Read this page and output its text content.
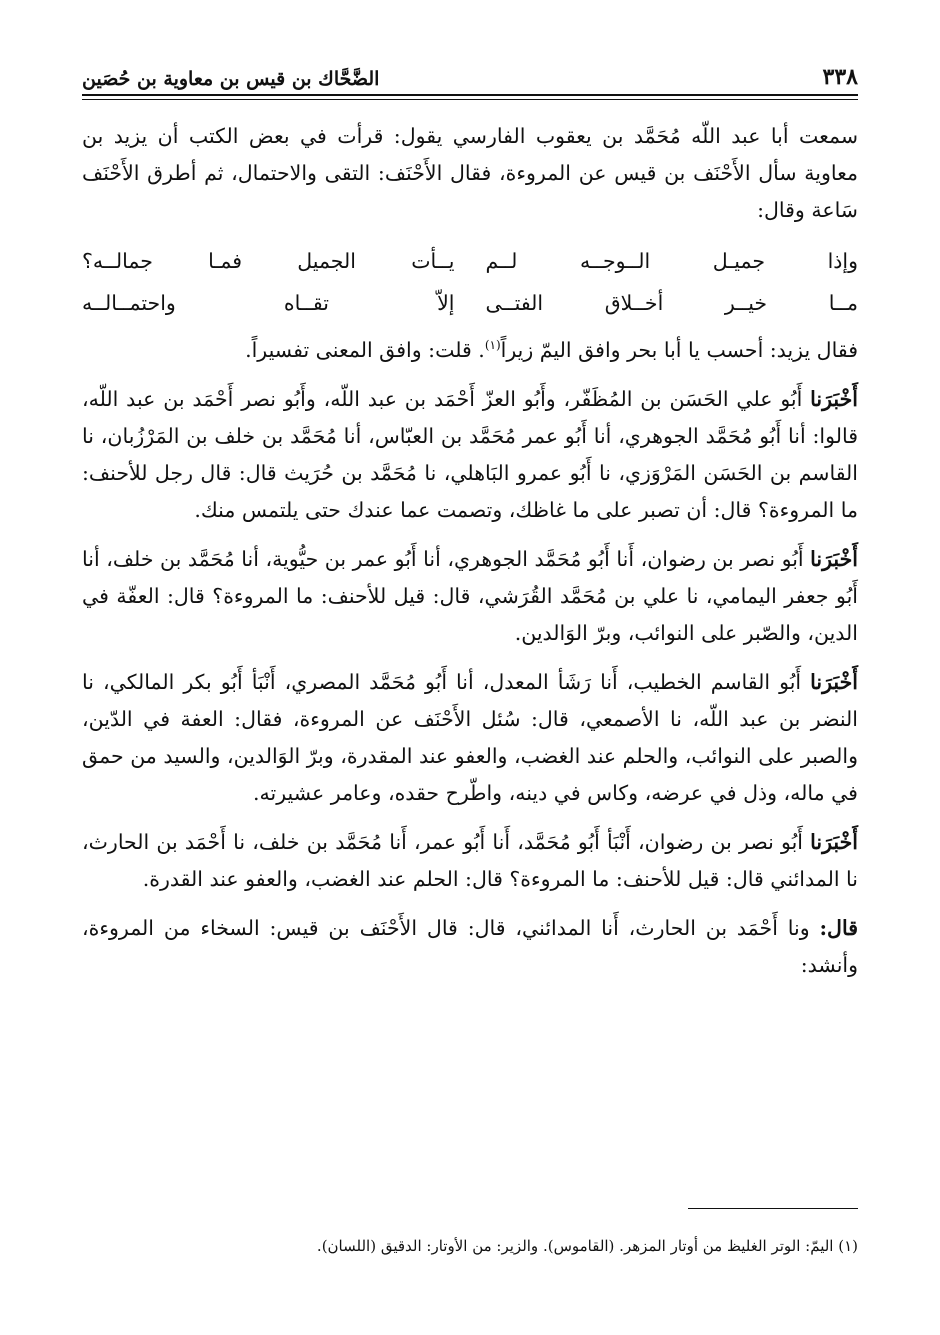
٣٣٨
الضَّحَّاك بن قيس بن معاوية بن حُصَين

سمعت أبا عبد اللّه مُحَمَّد بن يعقوب الفارسي يقول: قرأت في بعض الكتب أن يزيد بن معاوية سأل الأَحْنَف بن قيس عن المروءة، فقال الأَحْنَف: التقى والاحتمال، ثم أطرق الأَحْنَف سَاعة وقال:

وإذا جميـل الــوجــه لــم
يــأت الجميل فمـا جمالــه؟
مــا خيــر أخــلاق الفتــى
إلاّ تقــاه واحتمــالــه

فقال يزيد: أحسب يا أبا بحر وافق اليمّ زيراً$^{(١)}$. قلت: وافق المعنى تفسيراً.

أَخْبَرَنا أَبُو علي الحَسَن بن المُظَفّر، وأَبُو العزّ أَحْمَد بن عبد اللّه، وأَبُو نصر أَحْمَد بن عبد اللّه، قالوا: أنا أَبُو مُحَمَّد الجوهري، أنا أَبُو عمر مُحَمَّد بن العبّاس، أنا مُحَمَّد بن خلف بن المَرْزُبان، نا القاسم بن الحَسَن المَرْوَزي، نا أَبُو عمرو البَاهلي، نا مُحَمَّد بن حُرَيث قال: قال رجل للأحنف: ما المروءة؟ قال: أن تصبر على ما غاظك، وتصمت عما عندك حتى يلتمس منك.

أَخْبَرَنا أَبُو نصر بن رضوان، أَنا أَبُو مُحَمَّد الجوهري، أنا أَبُو عمر بن حيُّوية، أنا مُحَمَّد بن خلف، أنا أَبُو جعفر اليمامي، نا علي بن مُحَمَّد القُرَشي، قال: قيل للأحنف: ما المروءة؟ قال: العفّة في الدين، والصّبر على النوائب، وبرّ الوَالدين.

أَخْبَرَنا أَبُو القاسم الخطيب، أَنا رَشَأ المعدل، أنا أَبُو مُحَمَّد المصري، أَنْبَأ أَبُو بكر المالكي، نا النضر بن عبد اللّه، نا الأصمعي، قال: سُئل الأَحْنَف عن المروءة، فقال: العفة في الدّين، والصبر على النوائب، والحلم عند الغضب، والعفو عند المقدرة، وبرّ الوَالدين، والسيد من حمق في ماله، وذل في عرضه، وكاس في دينه، واطّرح حقده، وعامر عشيرته.

أَخْبَرَنا أَبُو نصر بن رضوان، أَنْبَأ أَبُو مُحَمَّد، أَنا أَبُو عمر، أَنا مُحَمَّد بن خلف، نا أَحْمَد بن الحارث، نا المدائني قال: قيل للأحنف: ما المروءة؟ قال: الحلم عند الغضب، والعفو عند القدرة.

قال: ونا أَحْمَد بن الحارث، أَنا المدائني، قال: قال الأَحْنَف بن قيس: السخاء من المروءة، وأنشد:

(١) اليمّ: الوتر الغليظ من أوتار المزهر. (القاموس). والزير: من الأوتار: الدقيق (اللسان).
